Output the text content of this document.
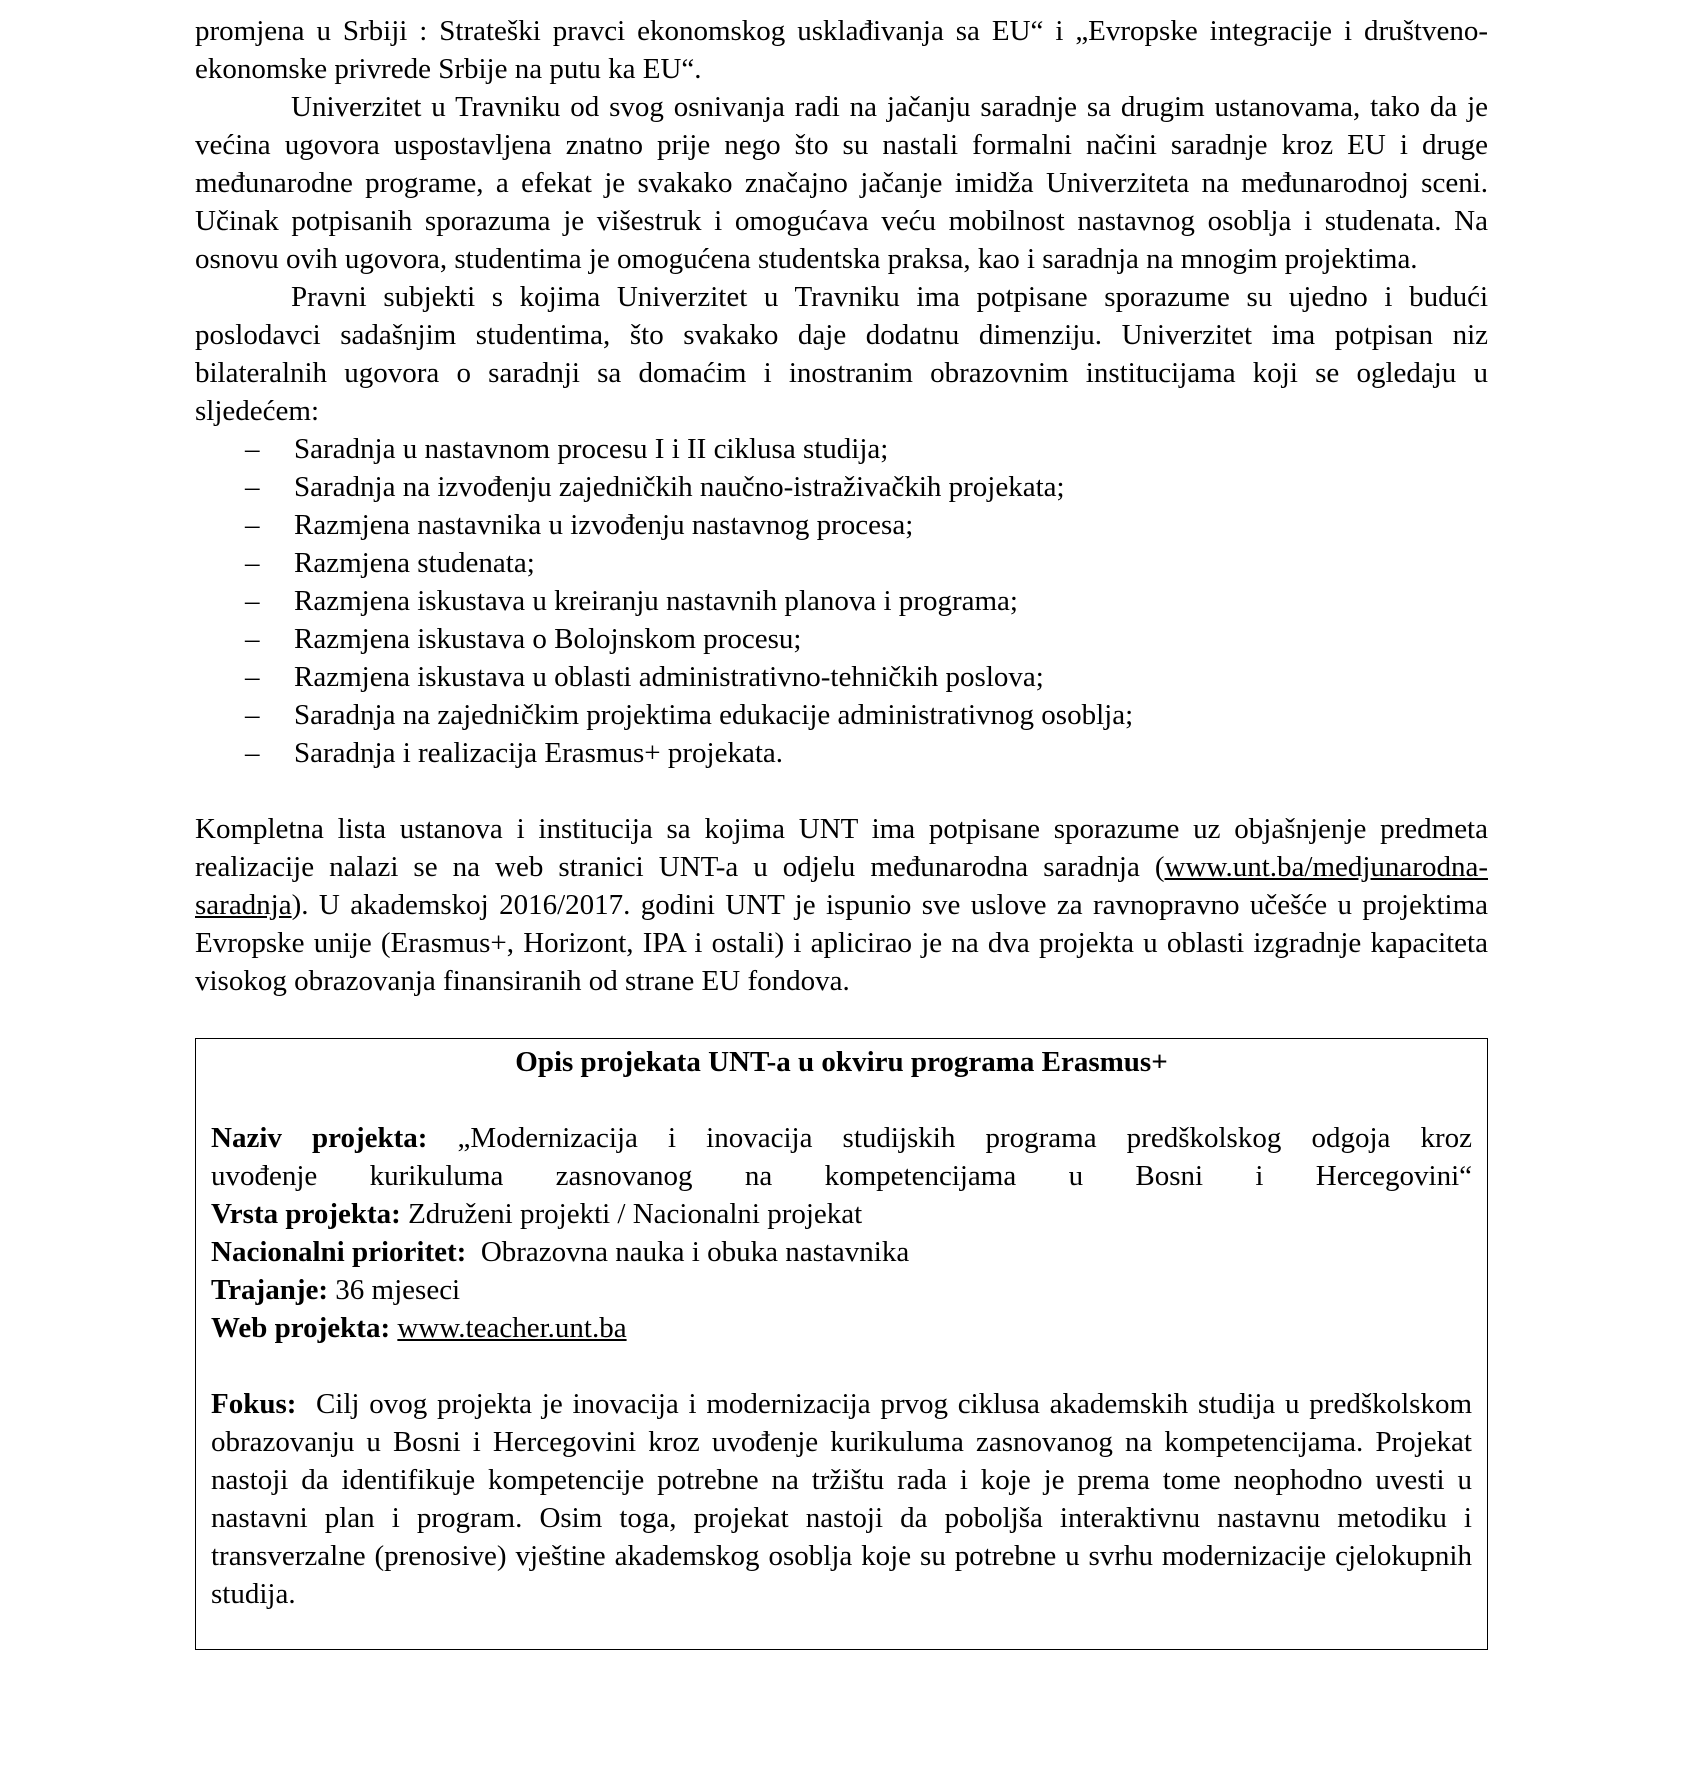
promjena u Srbiji : Strateški pravci ekonomskog usklađivanja sa EU“ i „Evropske integracije i društveno-ekonomske privrede Srbije na putu ka EU“.

Univerzitet u Travniku od svog osnivanja radi na jačanju saradnje sa drugim ustanovama, tako da je većina ugovora uspostavljena znatno prije nego što su nastali formalni načini saradnje kroz EU i druge međunarodne programe, a efekat je svakako značajno jačanje imidža Univerziteta na međunarodnoj sceni. Učinak potpisanih sporazuma je višestruk i omogućava veću mobilnost nastavnog osoblja i studenata. Na osnovu ovih ugovora, studentima je omogućena studentska praksa, kao i saradnja na mnogim projektima.

Pravni subjekti s kojima Univerzitet u Travniku ima potpisane sporazume su ujedno i budući poslodavci sadašnjim studentima, što svakako daje dodatnu dimenziju. Univerzitet ima potpisan niz bilateralnih ugovora o saradnji sa domaćim i inostranim obrazovnim institucijama koji se ogledaju u sljedećem:

– Saradnja u nastavnom procesu I i II ciklusa studija;
– Saradnja na izvođenju zajedničkih naučno-istraživačkih projekata;
– Razmjena nastavnika u izvođenju nastavnog procesa;
– Razmjena studenata;
– Razmjena iskustava u kreiranju nastavnih planova i programa;
– Razmjena iskustava o Bolojnskom procesu;
– Razmjena iskustava u oblasti administrativno-tehničkih poslova;
– Saradnja na zajedničkim projektima edukacije administrativnog osoblja;
– Saradnja i realizacija Erasmus+ projekata.

Kompletna lista ustanova i institucija sa kojima UNT ima potpisane sporazume uz objašnjenje predmeta realizacije nalazi se na web stranici UNT-a u odjelu međunarodna saradnja (www.unt.ba/medjunarodna-saradnja). U akademskoj 2016/2017. godini UNT je ispunio sve uslove za ravnopravno učešće u projektima Evropske unije (Erasmus+, Horizont, IPA i ostali) i aplicirao je na dva projekta u oblasti izgradnje kapaciteta visokog obrazovanja finansiranih od strane EU fondova.

Opis projekata UNT-a u okviru programa Erasmus+

Naziv projekta: „Modernizacija i inovacija studijskih programa predškolskog odgoja kroz

uvođenje kurikuluma zasnovanog na kompetencijama u Bosni i Hercegovini“

Vrsta projekta: Združeni projekti / Nacionalni projekat

Nacionalni prioritet: Obrazovna nauka i obuka nastavnika

Trajanje: 36 mjeseci

Web projekta: www.teacher.unt.ba

Fokus: Cilj ovog projekta je inovacija i modernizacija prvog ciklusa akademskih studija u predškolskom obrazovanju u Bosni i Hercegovini kroz uvođenje kurikuluma zasnovanog na kompetencijama. Projekat nastoji da identifikuje kompetencije potrebne na tržištu rada i koje je prema tome neophodno uvesti u nastavni plan i program. Osim toga, projekat nastoji da poboljša interaktivnu nastavnu metodiku i transverzalne (prenosive) vještine akademskog osoblja koje su potrebne u svrhu modernizacije cjelokupnih studija.
